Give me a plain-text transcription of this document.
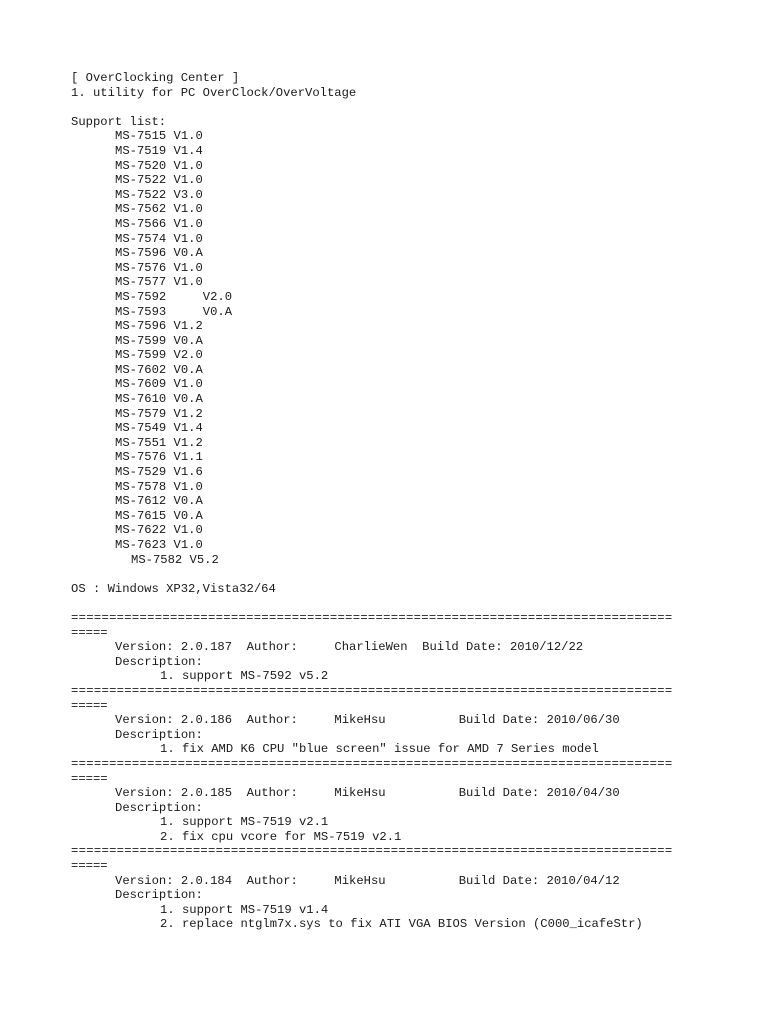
[ OverClocking Center ]
1. utility for PC OverClock/OverVoltage
Support list:
MS-7515 V1.0
MS-7519 V1.4
MS-7520 V1.0
MS-7522 V1.0
MS-7522 V3.0
MS-7562 V1.0
MS-7566 V1.0
MS-7574 V1.0
MS-7596 V0.A
MS-7576 V1.0
MS-7577 V1.0
MS-7592     V2.0
MS-7593     V0.A
MS-7596 V1.2
MS-7599 V0.A
MS-7599 V2.0
MS-7602 V0.A
MS-7609 V1.0
MS-7610 V0.A
MS-7579 V1.2
MS-7549 V1.4
MS-7551 V1.2
MS-7576 V1.1
MS-7529 V1.6
MS-7578 V1.0
MS-7612 V0.A
MS-7615 V0.A
MS-7622 V1.0
MS-7623 V1.0
MS-7582 V5.2
OS : Windows XP32,Vista32/64
===============================================================================
=====
Version: 2.0.187  Author:     CharlieWen  Build Date: 2010/12/22
Description:
1. support MS-7592 v5.2
===============================================================================
=====
Version: 2.0.186  Author:     MikeHsu          Build Date: 2010/06/30
Description:
1. fix AMD K6 CPU "blue screen" issue for AMD 7 Series model
===============================================================================
=====
Version: 2.0.185  Author:     MikeHsu          Build Date: 2010/04/30
Description:
1. support MS-7519 v2.1
2. fix cpu vcore for MS-7519 v2.1
===============================================================================
=====
Version: 2.0.184  Author:     MikeHsu          Build Date: 2010/04/12
Description:
1. support MS-7519 v1.4
2. replace ntglm7x.sys to fix ATI VGA BIOS Version (C000_icafeStr)
